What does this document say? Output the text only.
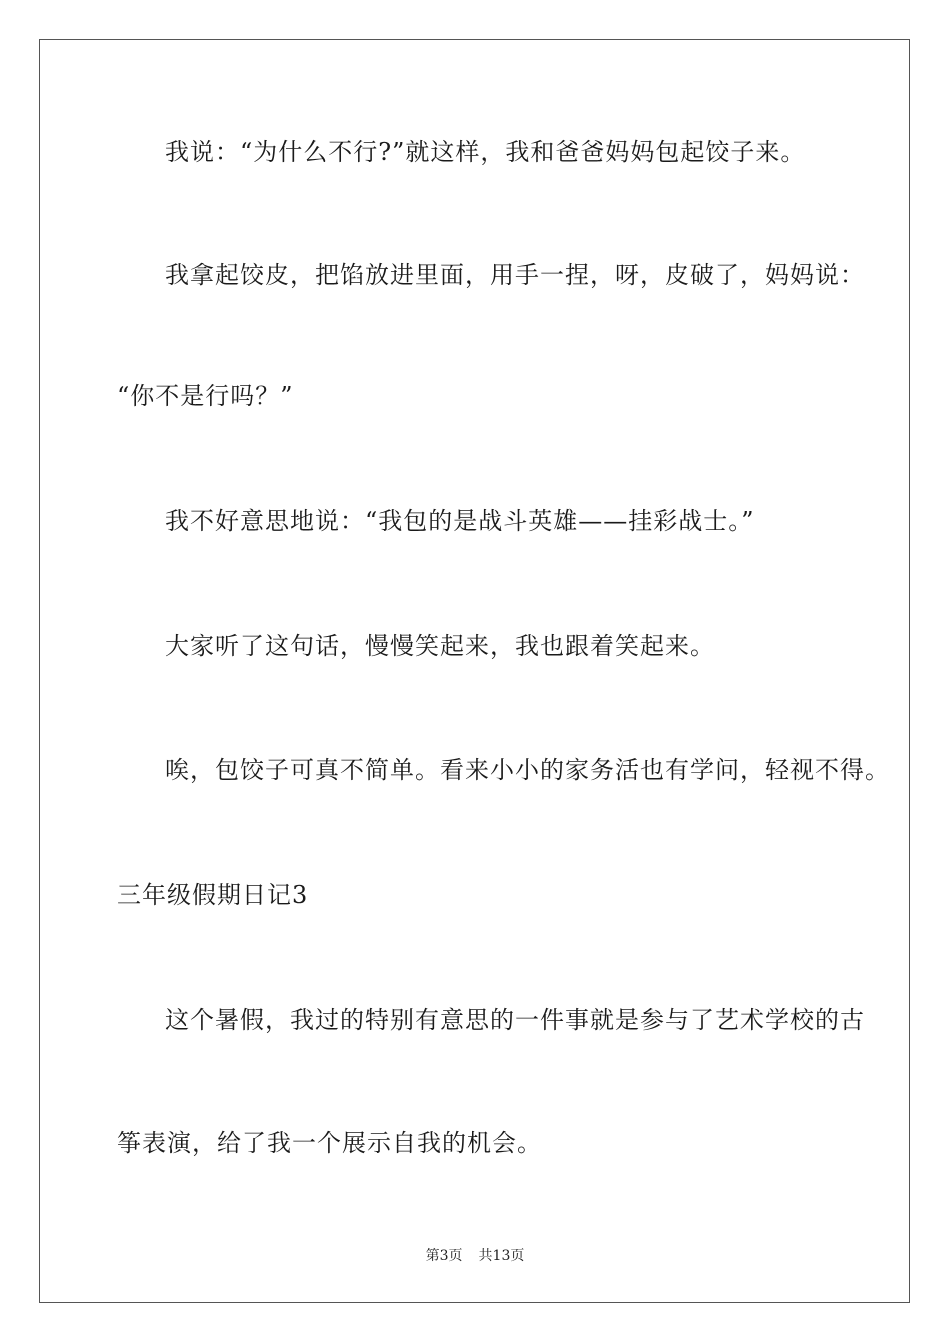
我说：“为什么不行?”就这样，我和爸爸妈妈包起饺子来。
我拿起饺皮，把馅放进里面，用手一捏，呀，皮破了，妈妈说：
“你不是行吗？”
我不好意思地说：“我包的是战斗英雄——挂彩战士。”
大家听了这句话，慢慢笑起来，我也跟着笑起来。
唉，包饺子可真不简单。看来小小的家务活也有学问，轻视不得。
三年级假期日记3
这个暑假，我过的特别有意思的一件事就是参与了艺术学校的古
筝表演，给了我一个展示自我的机会。
第3页 共13页
